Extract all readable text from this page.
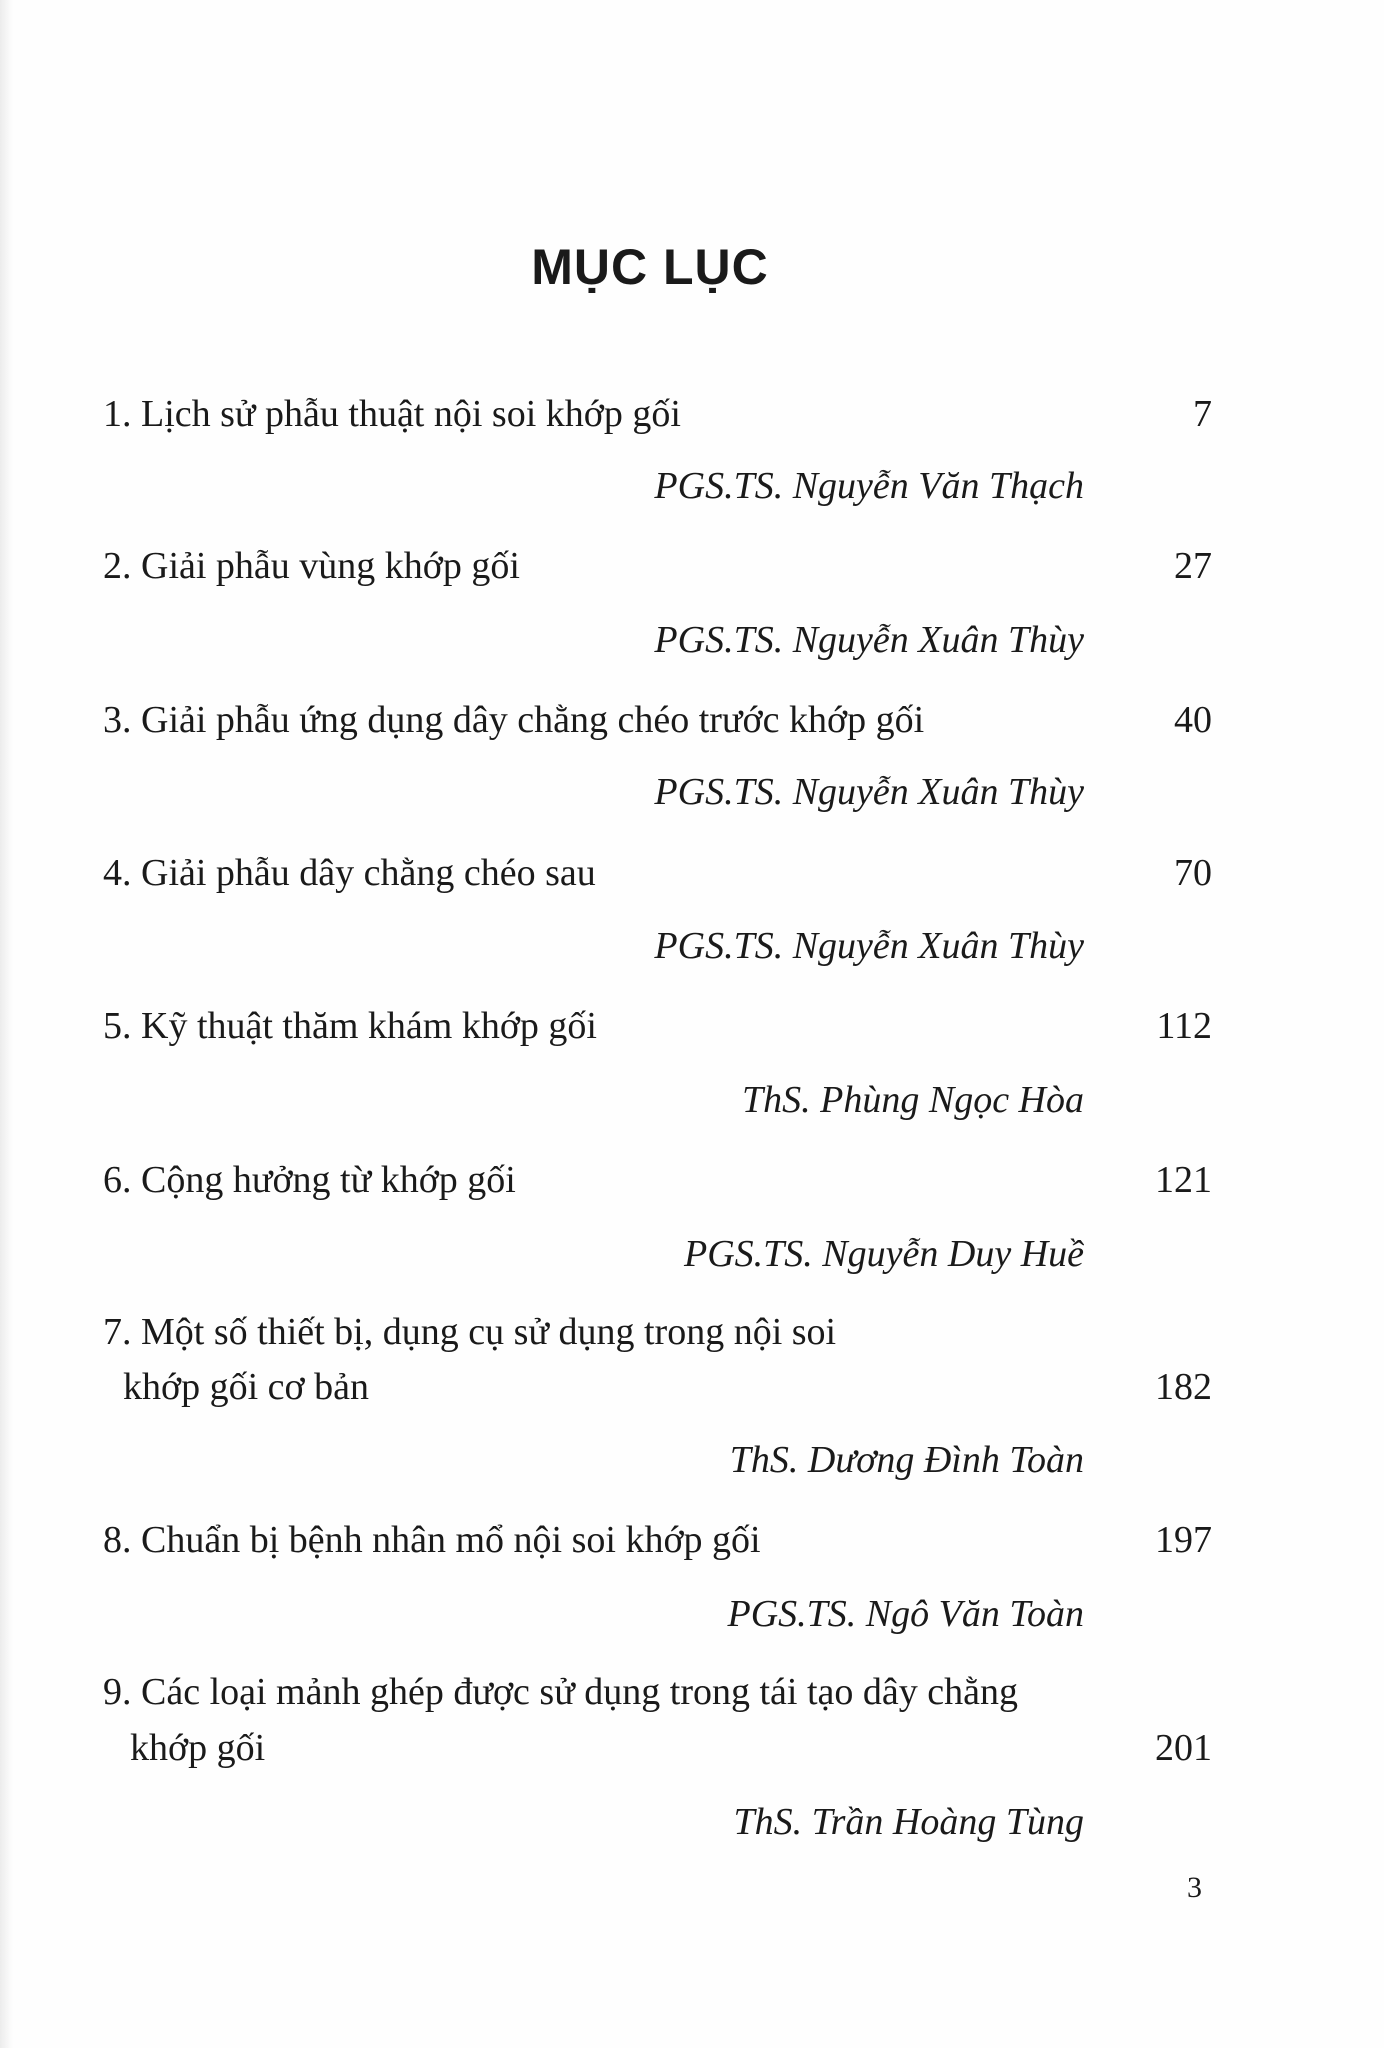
MỤC LỤC
1. Lịch sử phẫu thuật nội soi khớp gối	7
PGS.TS. Nguyễn Văn Thạch
2. Giải phẫu vùng khớp gối	27
PGS.TS. Nguyễn Xuân Thùy
3. Giải phẫu ứng dụng dây chằng chéo trước khớp gối	40
PGS.TS. Nguyễn Xuân Thùy
4. Giải phẫu dây chằng chéo sau	70
PGS.TS. Nguyễn Xuân Thùy
5. Kỹ thuật thăm khám khớp gối	112
ThS. Phùng Ngọc Hòa
6. Cộng hưởng từ khớp gối	121
PGS.TS. Nguyễn Duy Huề
7. Một số thiết bị, dụng cụ sử dụng trong nội soi
khớp gối cơ bản	182
ThS. Dương Đình Toàn
8. Chuẩn bị bệnh nhân mổ nội soi khớp gối	197
PGS.TS. Ngô Văn Toàn
9. Các loại mảnh ghép được sử dụng trong tái tạo dây chằng
khớp gối	201
ThS. Trần Hoàng Tùng
3
